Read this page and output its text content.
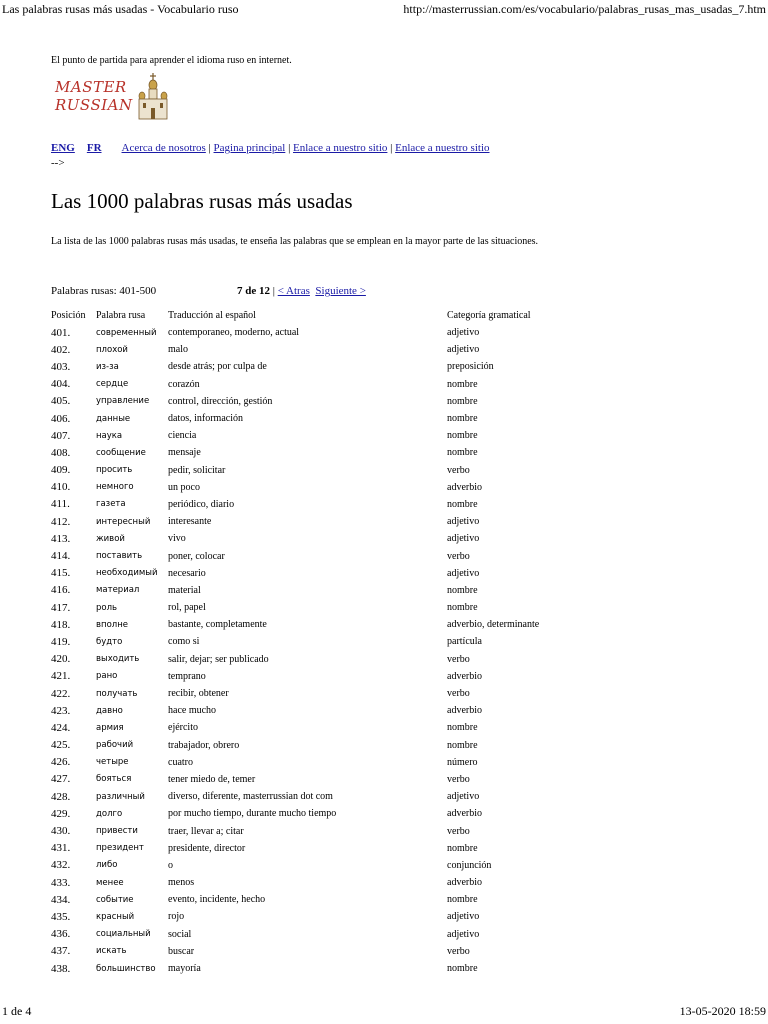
Las palabras rusas más usadas - Vocabulario ruso	http://masterrussian.com/es/vocabulario/palabras_rusas_mas_usadas_7.htm
El punto de partida para aprender el idioma ruso en internet.
MASTER
RUSSIAN
ENG FR Acerca de nosotros | Pagina principal | Enlace a nuestro sitio | Enlace a nuestro sitio
-->
Las 1000 palabras rusas más usadas
La lista de las 1000 palabras rusas más usadas, te enseña las palabras que se emplean en la mayor parte de las situaciones.
Palabras rusas: 401-500	7 de 12 | < Atras Siguiente >
Posición	Palabra rusa	Traducción al español	Categoría gramatical
401.	современный	contemporaneo, moderno, actual	adjetivo
402.	плохой	malo	adjetivo
403.	из-за	desde atrás; por culpa de	preposición
404.	сердце	corazón	nombre
405.	управление	control, dirección, gestión	nombre
406.	данные	datos, información	nombre
407.	наука	ciencia	nombre
408.	сообщение	mensaje	nombre
409.	просить	pedir, solicitar	verbo
410.	немного	un poco	adverbio
411.	газета	periódico, diario	nombre
412.	интересный	interesante	adjetivo
413.	живой	vivo	adjetivo
414.	поставить	poner, colocar	verbo
415.	необходимый	necesario	adjetivo
416.	материал	material	nombre
417.	роль	rol, papel	nombre
418.	вполне	bastante, completamente	adverbio, determinante
419.	будто	como si	partícula
420.	выходить	salir, dejar; ser publicado	verbo
421.	рано	temprano	adverbio
422.	получать	recibir, obtener	verbo
423.	давно	hace mucho	adverbio
424.	армия	ejército	nombre
425.	рабочий	trabajador, obrero	nombre
426.	четыре	cuatro	número
427.	бояться	tener miedo de, temer	verbo
428.	различный	diverso, diferente, masterrussian dot com	adjetivo
429.	долго	por mucho tiempo, durante mucho tiempo	adverbio
430.	привести	traer, llevar a; citar	verbo
431.	президент	presidente, director	nombre
432.	либо	o	conjunción
433.	менее	menos	adverbio
434.	событие	evento, incidente, hecho	nombre
435.	красный	rojo	adjetivo
436.	социальный	social	adjetivo
437.	искать	buscar	verbo
438.	большинство	mayoría	nombre
1 de 4	13-05-2020 18:59
